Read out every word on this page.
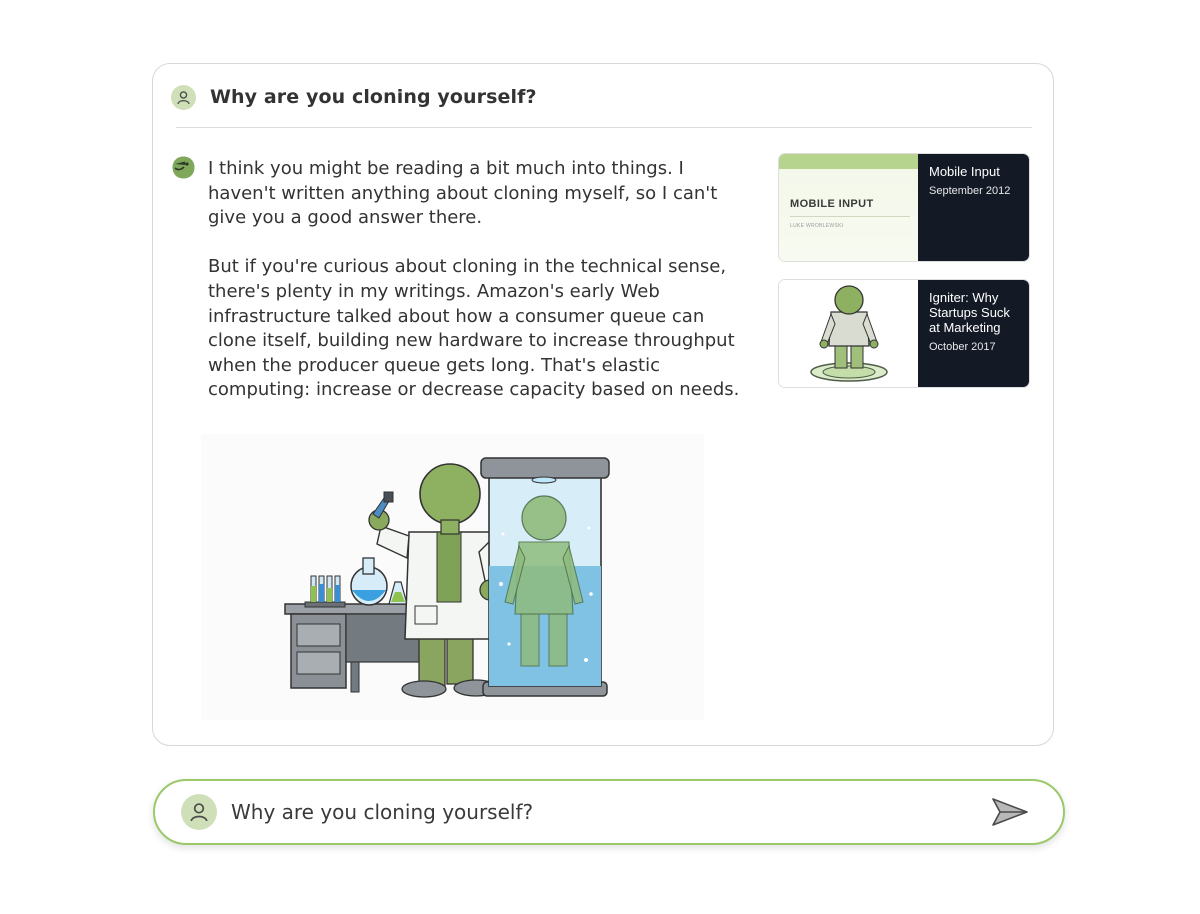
Why are you cloning yourself?

I think you might be reading a bit much into things. I haven't written anything about cloning myself, so I can't give you a good answer there.

But if you're curious about cloning in the technical sense, there's plenty in my writings. Amazon's early Web infrastructure talked about how a consumer queue can clone itself, building new hardware to increase throughput when the producer queue gets long. That's elastic computing: increase or decrease capacity based on needs.

MOBILE INPUT
LUKE WROBLEWSKI
Mobile Input
September 2012
Igniter: Why Startups Suck at Marketing
October 2017
Why are you cloning yourself?
